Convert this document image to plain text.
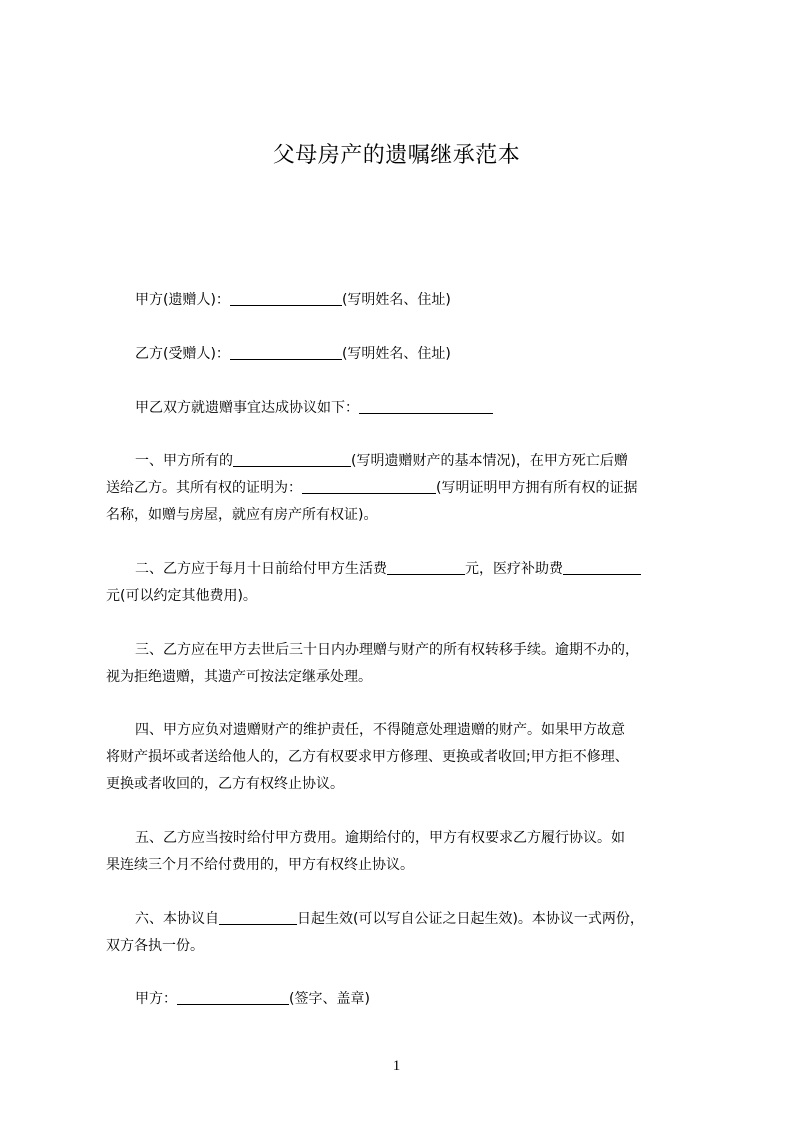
父母房产的遗嘱继承范本
甲方(遗赠人)：	(写明姓名、住址)
乙方(受赠人)：	(写明姓名、住址)
甲乙双方就遗赠事宜达成协议如下：
一、甲方所有的	(写明遗赠财产的基本情况)，在甲方死亡后赠
送给乙方。其所有权的证明为：	(写明证明甲方拥有所有权的证据
名称，如赠与房屋，就应有房产所有权证)。
二、乙方应于每月十日前给付甲方生活费	元，医疗补助费
元(可以约定其他费用)。
三、乙方应在甲方去世后三十日内办理赠与财产的所有权转移手续。逾期不办的，
视为拒绝遗赠，其遗产可按法定继承处理。
四、甲方应负对遗赠财产的维护责任，不得随意处理遗赠的财产。如果甲方故意
将财产损坏或者送给他人的，乙方有权要求甲方修理、更换或者收回;甲方拒不修理、
更换或者收回的，乙方有权终止协议。
五、乙方应当按时给付甲方费用。逾期给付的，甲方有权要求乙方履行协议。如
果连续三个月不给付费用的，甲方有权终止协议。
六、本协议自	日起生效(可以写自公证之日起生效)。本协议一式两份，
双方各执一份。
甲方：	(签字、盖章)
1
